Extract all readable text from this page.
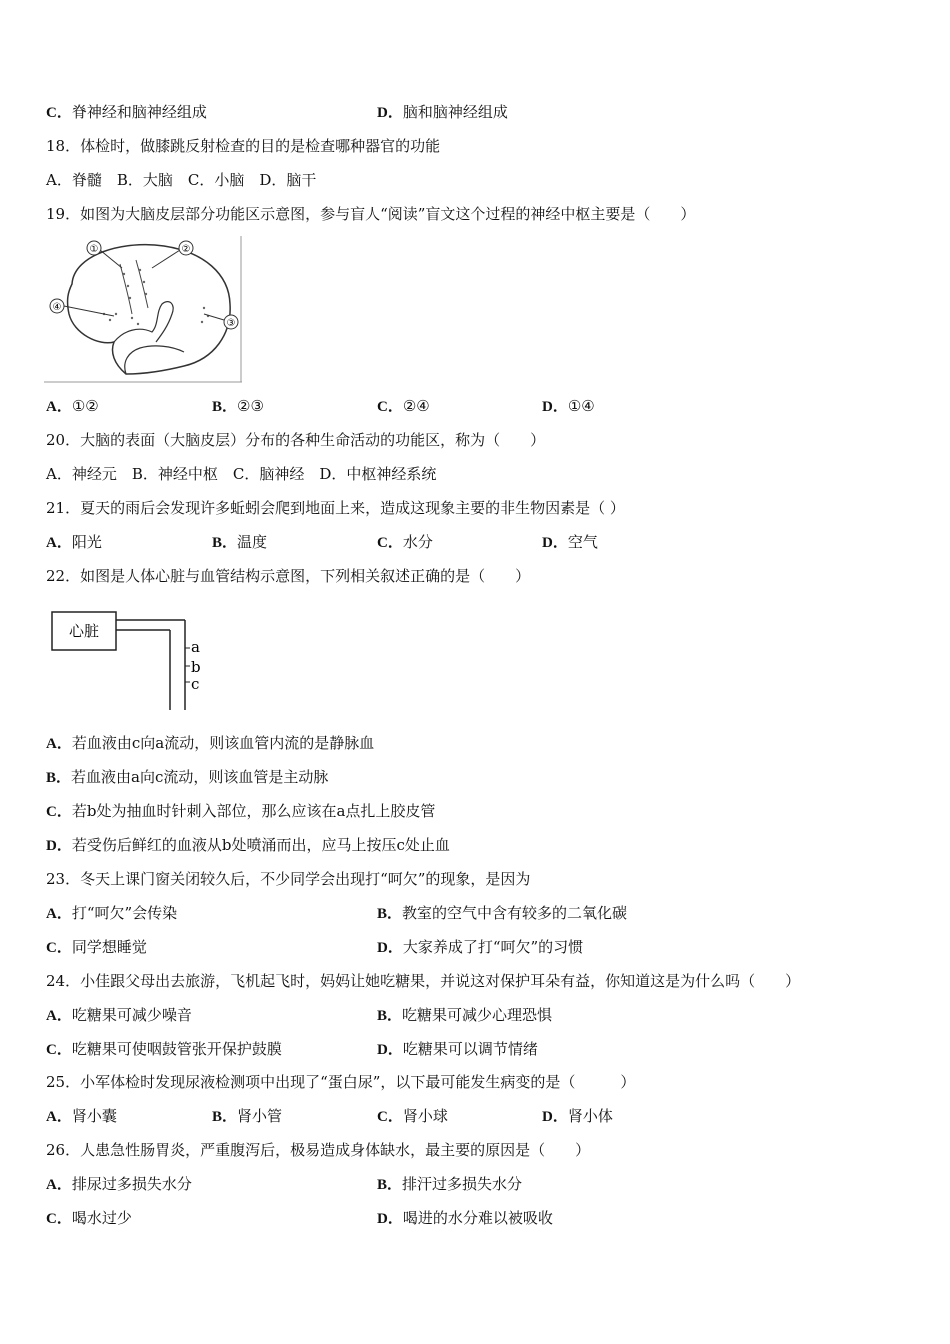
C．脊神经和脑神经组成	D．脑和脑神经组成
18．体检时，做膝跳反射检查的目的是检查哪种器官的功能
A．脊髓　B．大脑　C．小脑　D．脑干
19．如图为大脑皮层部分功能区示意图，参与盲人“阅读”盲文这个过程的神经中枢主要是（　　）
①	②
③
④
A．①②	B．②③	C．②④	D．①④
20．大脑的表面（大脑皮层）分布的各种生命活动的功能区，称为（　　）
A．神经元　B．神经中枢　C．脑神经　D．中枢神经系统
21．夏天的雨后会发现许多蚯蚓会爬到地面上来，造成这现象主要的非生物因素是（ ）
A．阳光	B．温度	C．水分	D．空气
22．如图是人体心脏与血管结构示意图，下列相关叙述正确的是（　　）
心脏
a
b
c
A．若血液由c向a流动，则该血管内流的是静脉血
B．若血液由a向c流动，则该血管是主动脉
C．若b处为抽血时针刺入部位，那么应该在a点扎上胶皮管
D．若受伤后鲜红的血液从b处喷涌而出，应马上按压c处止血
23．冬天上课门窗关闭较久后，不少同学会出现打“呵欠”的现象，是因为
A．打“呵欠”会传染	B．教室的空气中含有较多的二氧化碳
C．同学想睡觉	D．大家养成了打“呵欠”的习惯
24．小佳跟父母出去旅游，飞机起飞时，妈妈让她吃糖果，并说这对保护耳朵有益，你知道这是为什么吗（　　）
A．吃糖果可减少噪音	B．吃糖果可减少心理恐惧
C．吃糖果可使咽鼓管张开保护鼓膜	D．吃糖果可以调节情绪
25．小军体检时发现尿液检测项中出现了“蛋白尿”，以下最可能发生病变的是（　　　）
A．肾小囊	B．肾小管	C．肾小球	D．肾小体
26．人患急性肠胃炎，严重腹泻后，极易造成身体缺水，最主要的原因是（　　）
A．排尿过多损失水分	B．排汗过多损失水分
C．喝水过少	D．喝进的水分难以被吸收
